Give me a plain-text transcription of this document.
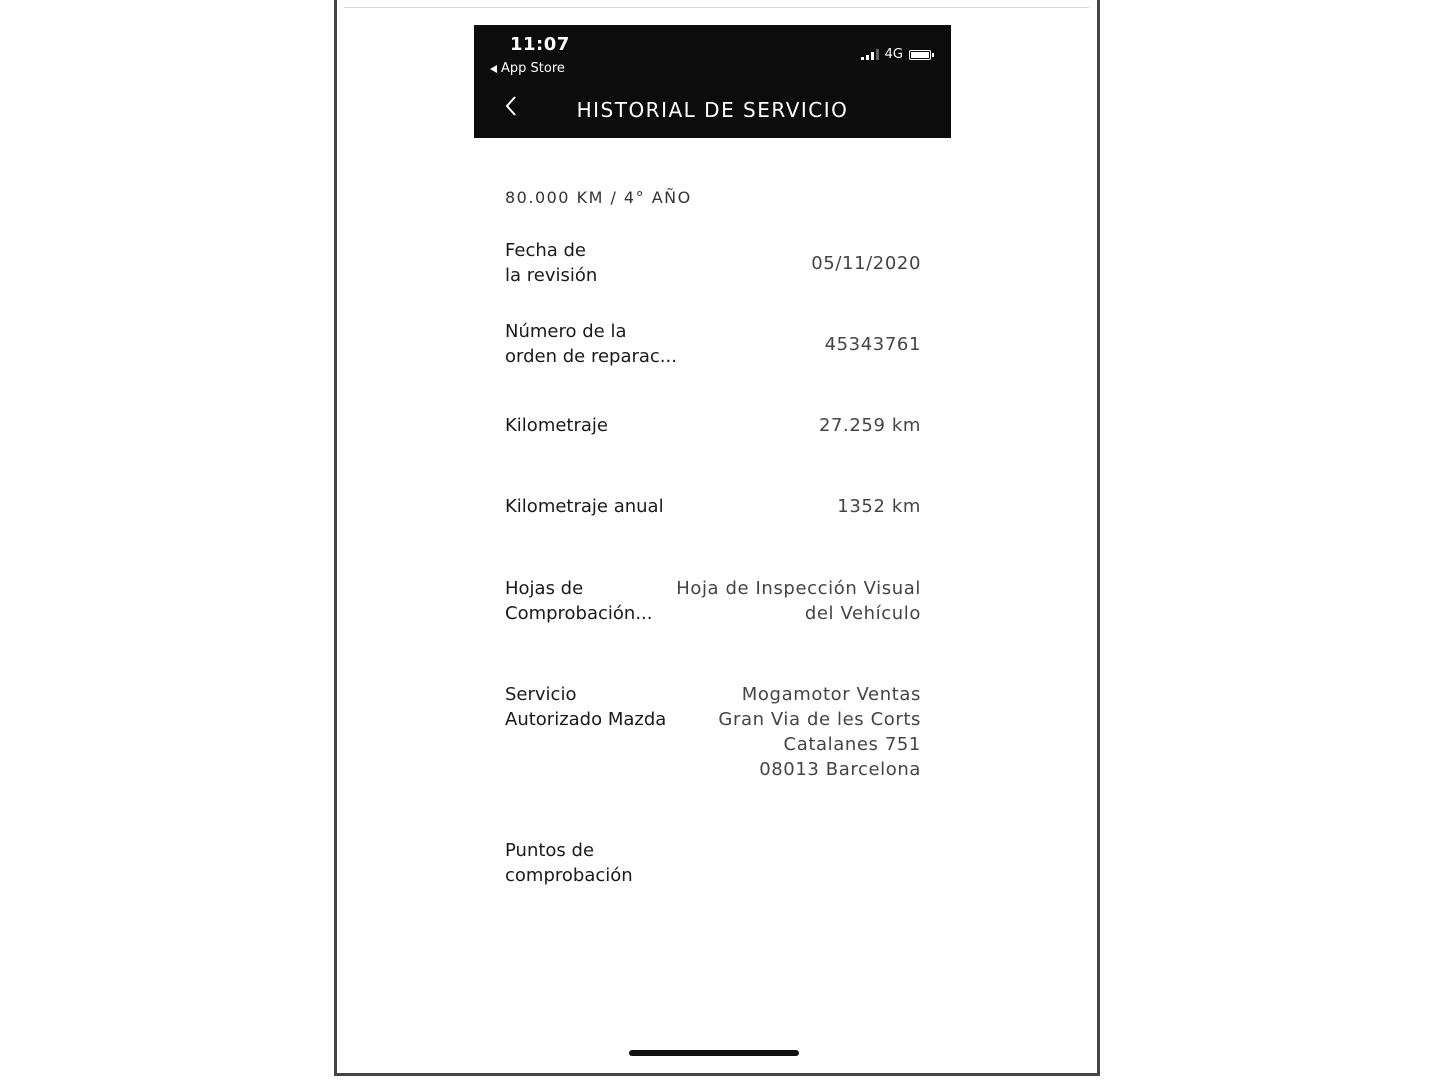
11:07
App Store
4G
HISTORIAL DE SERVICIO
80.000 KM / 4° AÑO
Fecha de
la revisión
05/11/2020
Número de la
orden de reparac...
45343761
Kilometraje	27.259 km
Kilometraje anual	1352 km
Hojas de
Comprobación...
Hoja de Inspección Visual
del Vehículo
Servicio
Autorizado Mazda
Mogamotor Ventas
Gran Via de les Corts
Catalanes 751
08013 Barcelona
Puntos de
comprobación
